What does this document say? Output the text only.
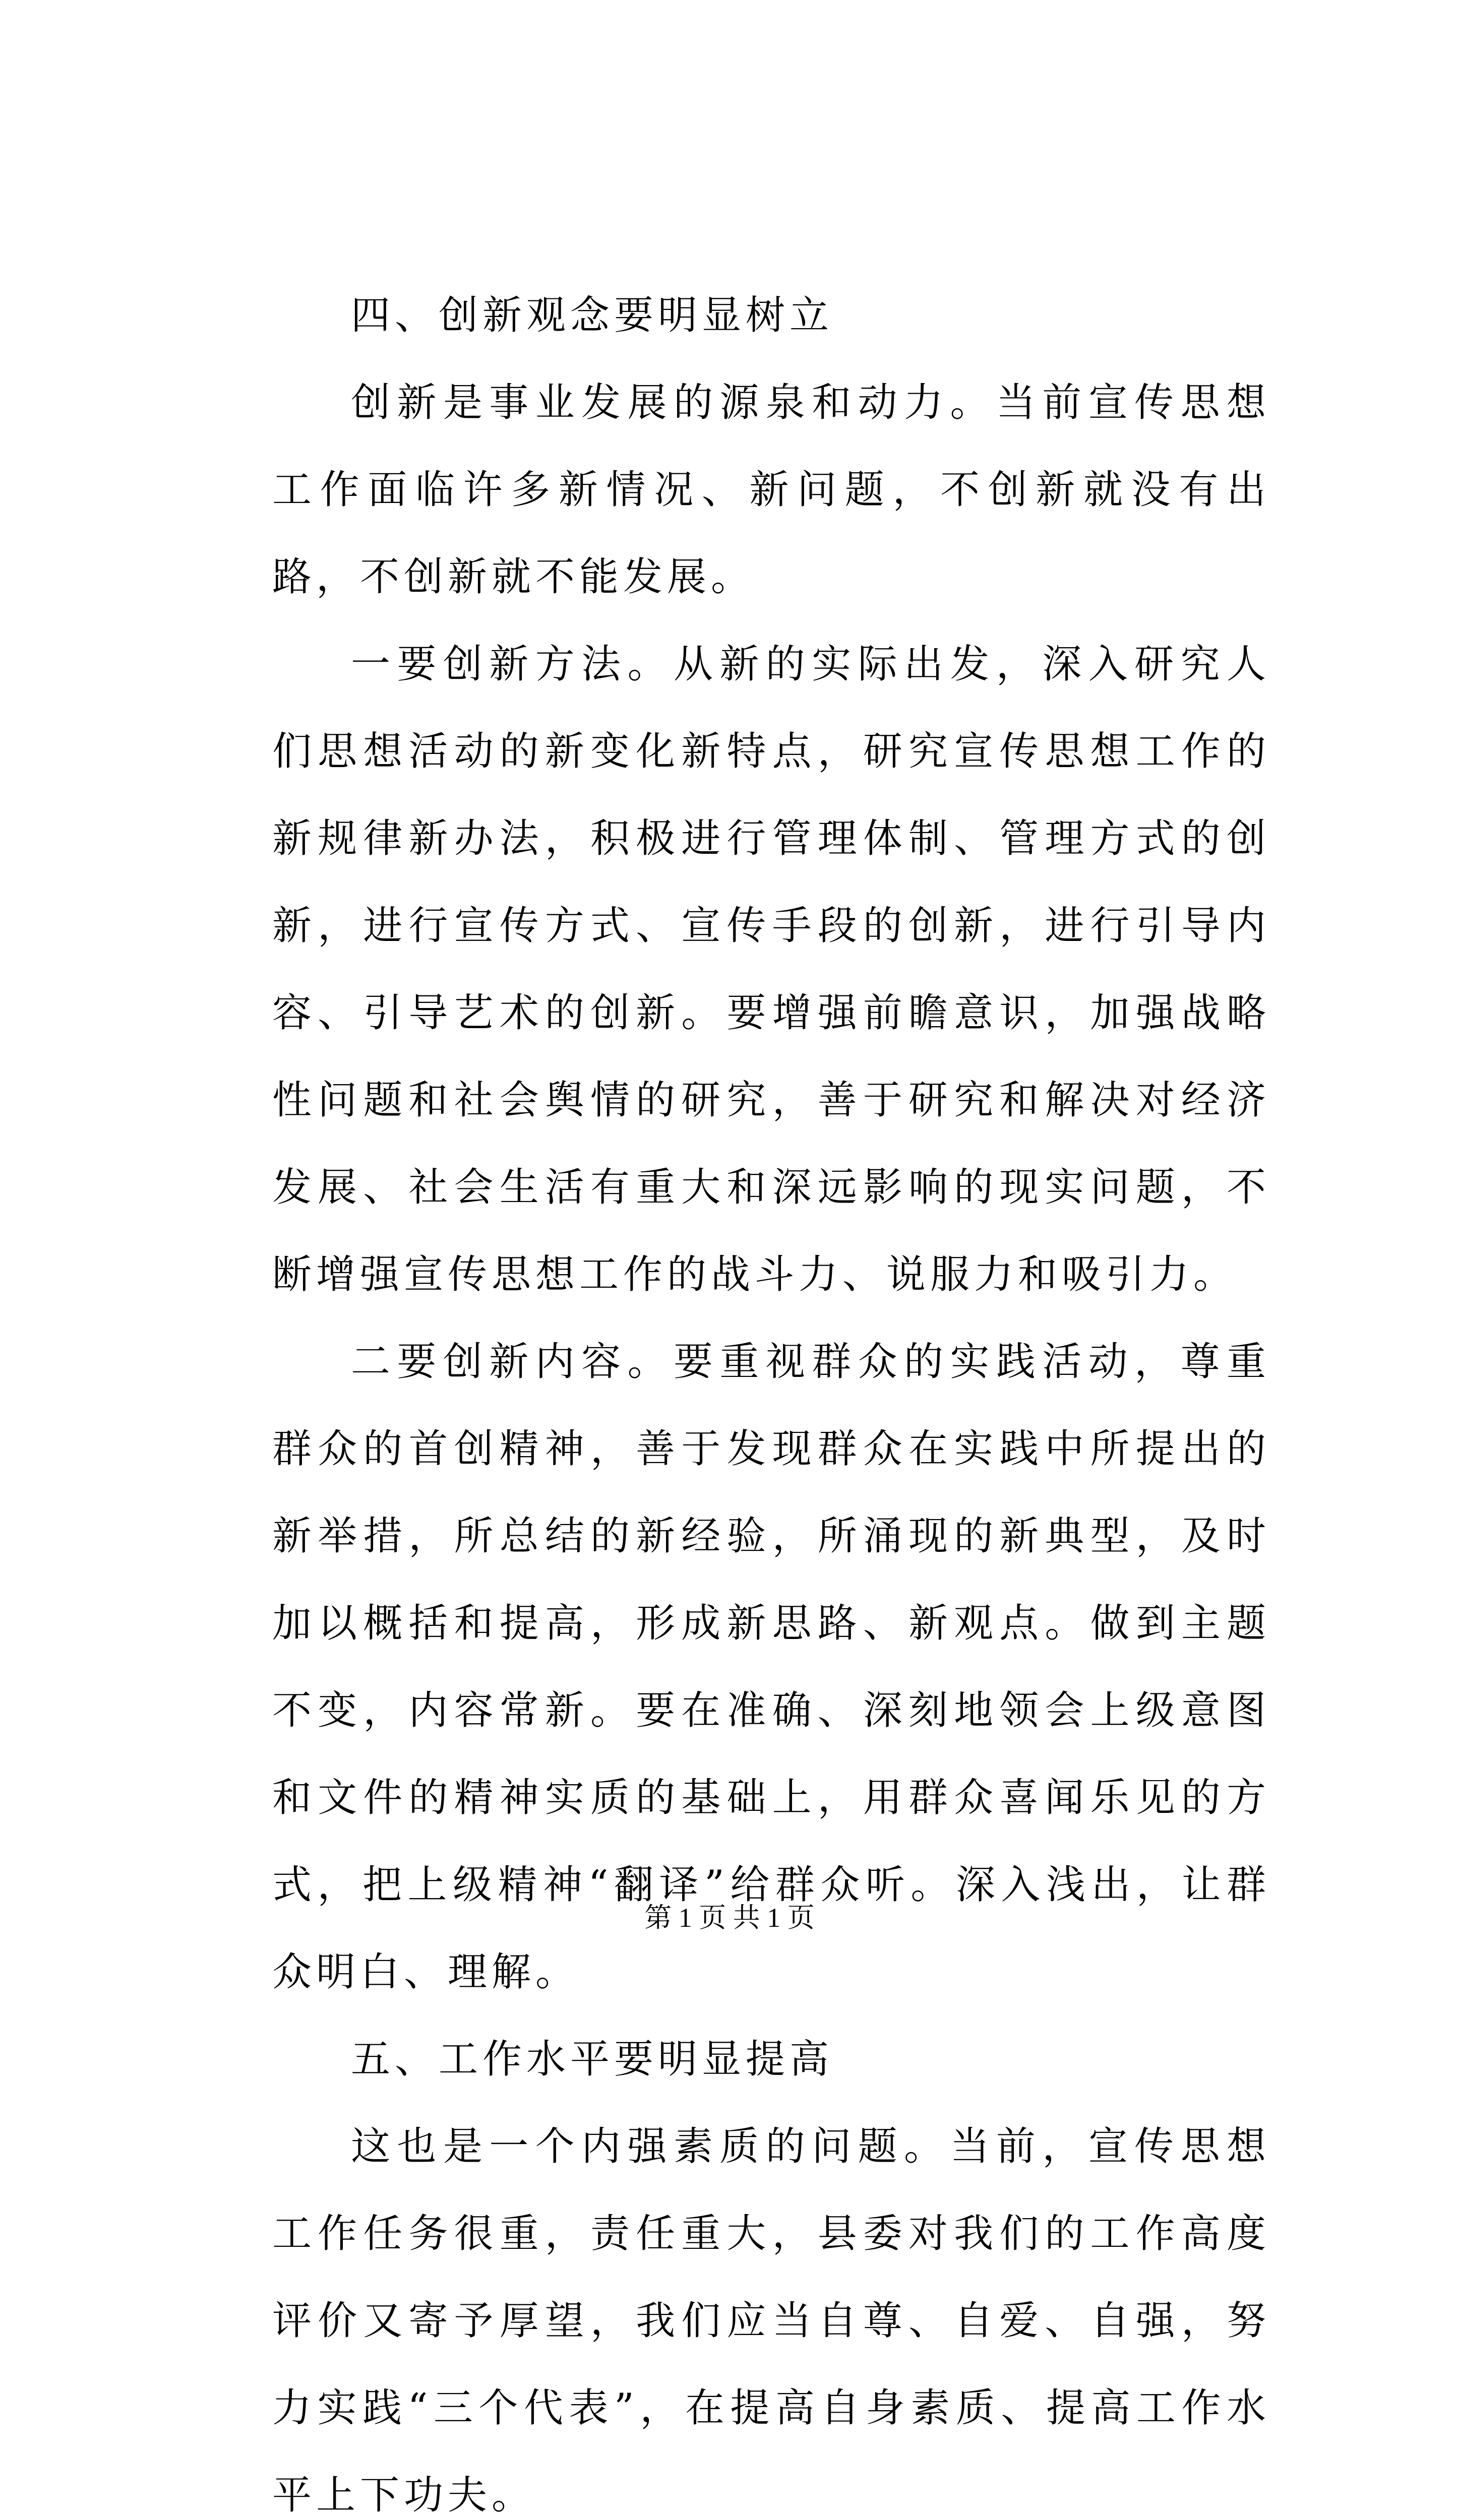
四、创新观念要明显树立

创新是事业发展的源泉和动力。当前宣传思想工作面临许多新情况、新问题，不创新就没有出路，不创新就不能发展。

一要创新方法。从新的实际出发，深入研究人们思想活动的新变化新特点，研究宣传思想工作的新规律新办法，积极进行管理体制、管理方式的创新，进行宣传方式、宣传手段的创新，进行引导内容、引导艺术的创新。要增强前瞻意识，加强战略性问题和社会舆情的研究，善于研究和解决对经济发展、社会生活有重大和深远影响的现实问题，不断增强宣传思想工作的战斗力、说服力和吸引力。

二要创新内容。要重视群众的实践活动，尊重群众的首创精神，善于发现群众在实践中所提出的新举措，所总结的新经验，所涌现的新典型，及时加以概括和提高，形成新思路、新观点。做到主题不变，内容常新。要在准确、深刻地领会上级意图和文件的精神实质的基础上，用群众喜闻乐见的方式，把上级精神“翻译”给群众听。深入浅出，让群众明白、理解。

五、工作水平要明显提高

这也是一个内强素质的问题。当前，宣传思想工作任务很重，责任重大，县委对我们的工作高度评价又寄予厚望，我们应当自尊、自爱、自强，努力实践“三个代表”，在提高自身素质、提高工作水平上下功夫。

第 1 页 共 1 页
